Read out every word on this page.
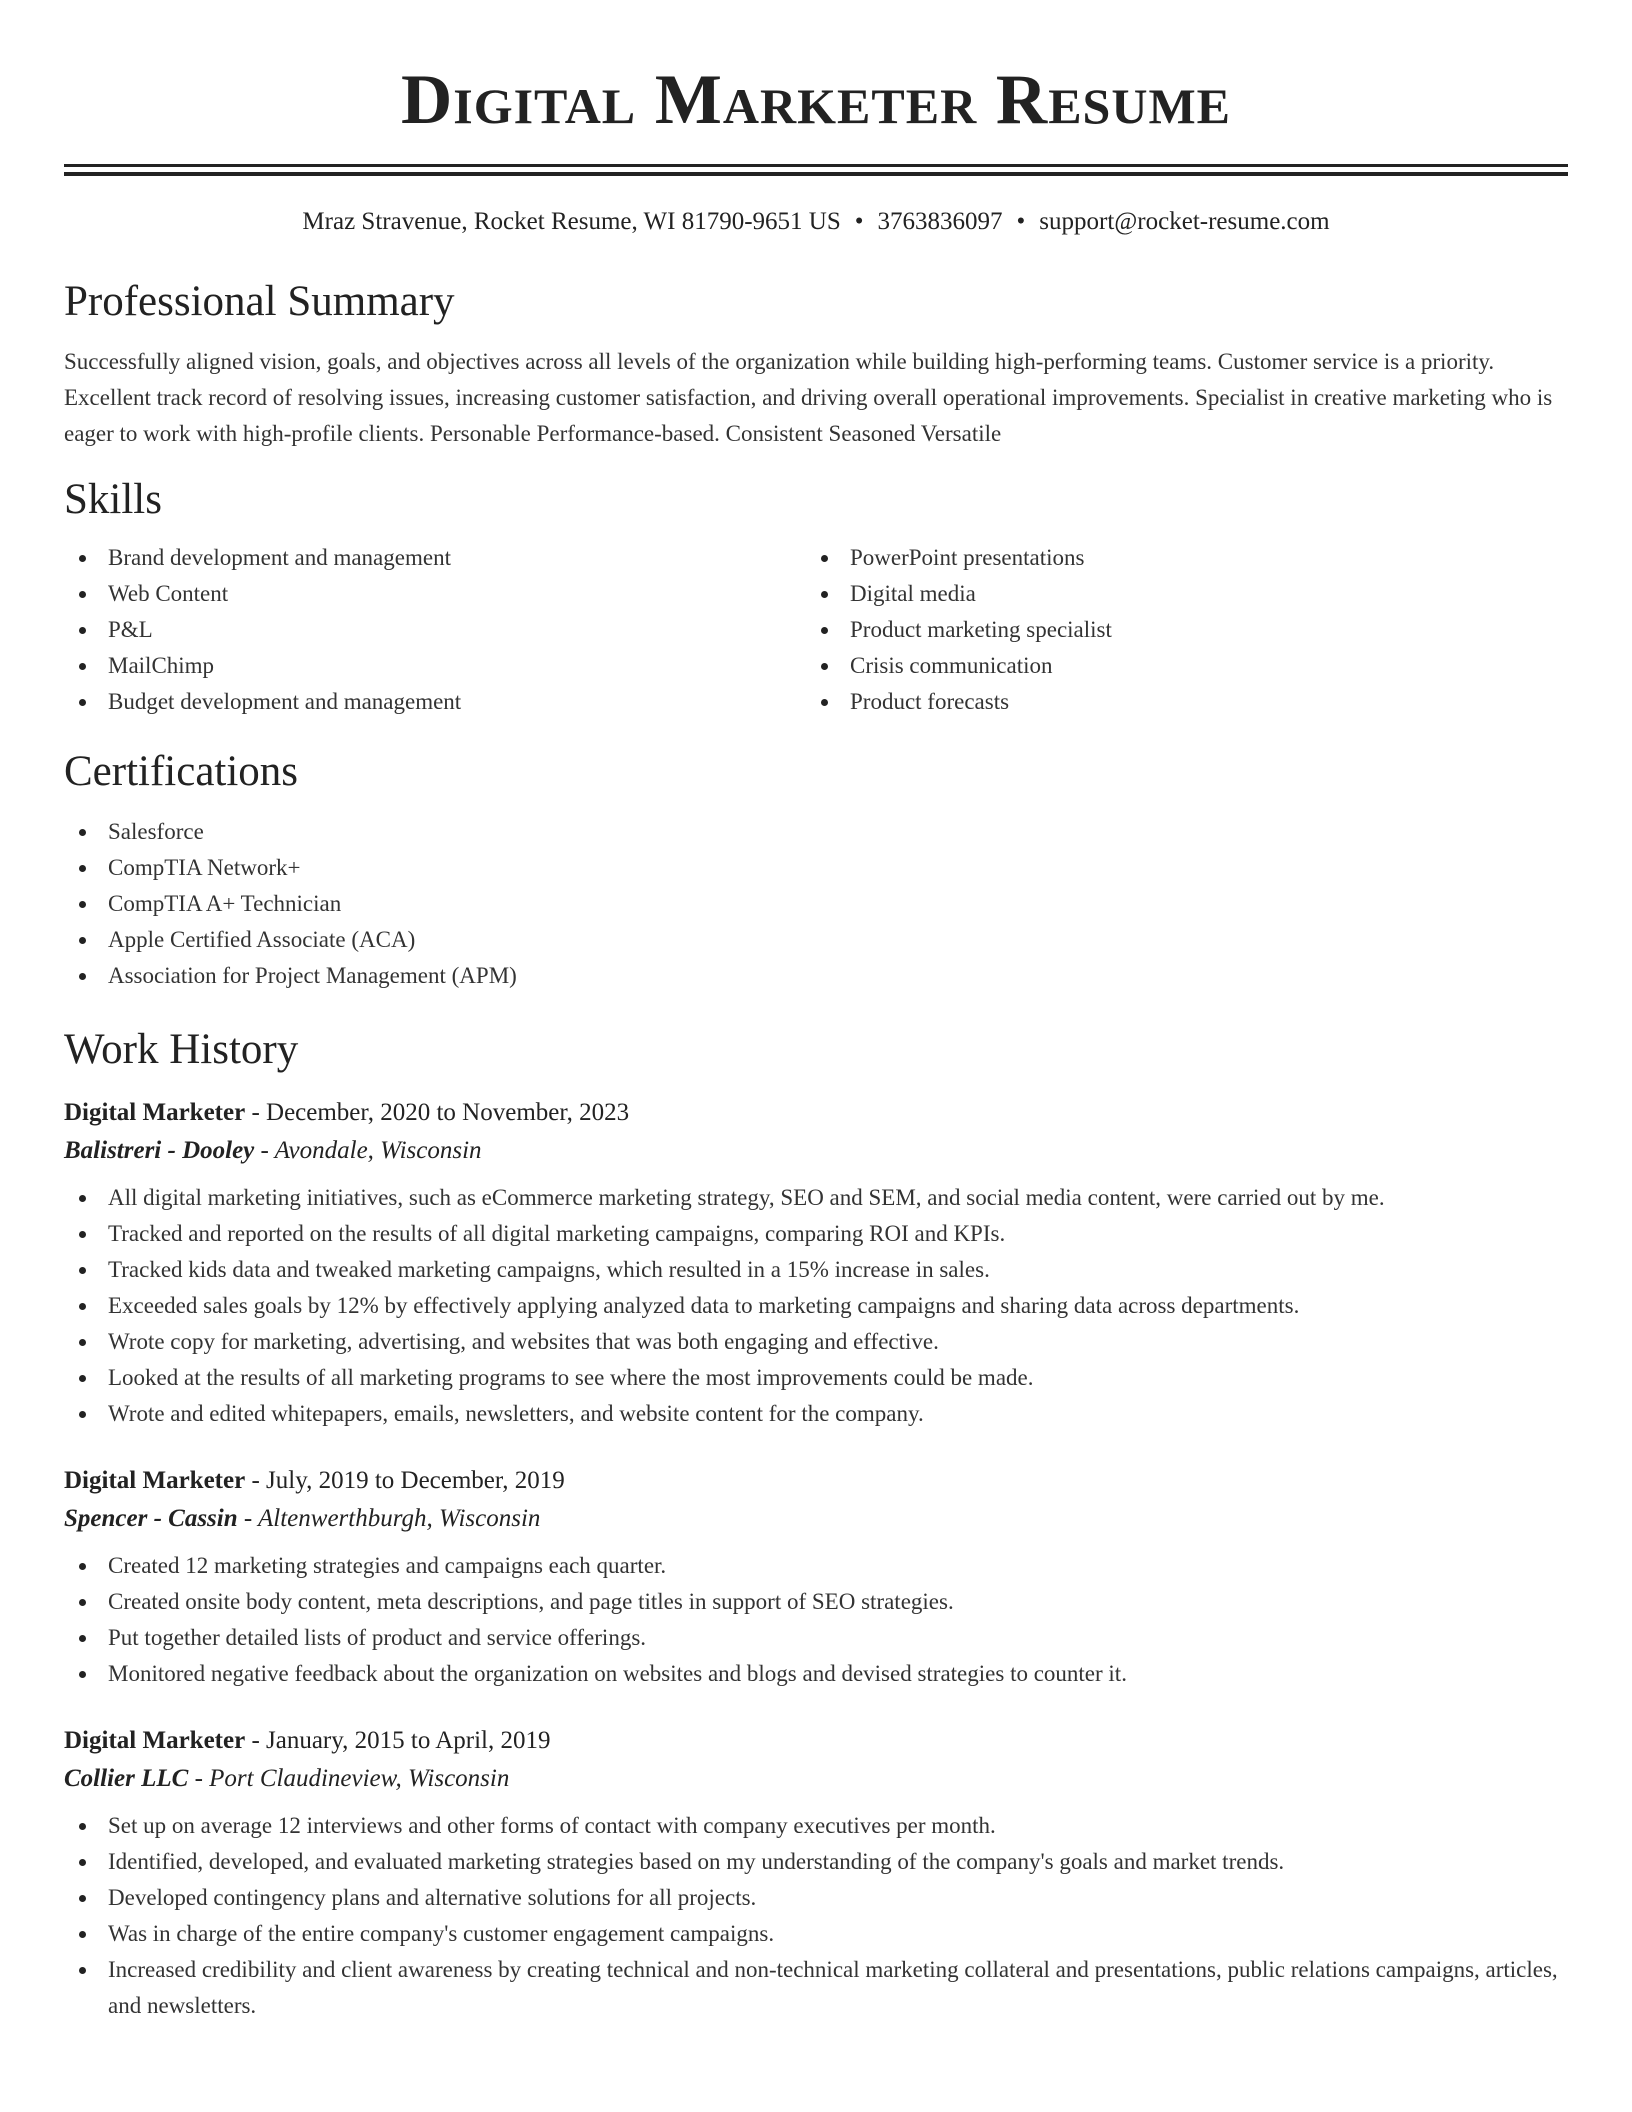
Digital Marketer Resume
Mraz Stravenue, Rocket Resume, WI 81790-9651 US • 3763836097 • support@rocket-resume.com
Professional Summary
Successfully aligned vision, goals, and objectives across all levels of the organization while building high-performing teams. Customer service is a priority. Excellent track record of resolving issues, increasing customer satisfaction, and driving overall operational improvements. Specialist in creative marketing who is eager to work with high-profile clients. Personable Performance-based. Consistent Seasoned Versatile
Skills
Brand development and management
Web Content
P&L
MailChimp
Budget development and management
PowerPoint presentations
Digital media
Product marketing specialist
Crisis communication
Product forecasts
Certifications
Salesforce
CompTIA Network+
CompTIA A+ Technician
Apple Certified Associate (ACA)
Association for Project Management (APM)
Work History
Digital Marketer - December, 2020 to November, 2023
Balistreri - Dooley - Avondale, Wisconsin
All digital marketing initiatives, such as eCommerce marketing strategy, SEO and SEM, and social media content, were carried out by me.
Tracked and reported on the results of all digital marketing campaigns, comparing ROI and KPIs.
Tracked kids data and tweaked marketing campaigns, which resulted in a 15% increase in sales.
Exceeded sales goals by 12% by effectively applying analyzed data to marketing campaigns and sharing data across departments.
Wrote copy for marketing, advertising, and websites that was both engaging and effective.
Looked at the results of all marketing programs to see where the most improvements could be made.
Wrote and edited whitepapers, emails, newsletters, and website content for the company.
Digital Marketer - July, 2019 to December, 2019
Spencer - Cassin - Altenwerthburgh, Wisconsin
Created 12 marketing strategies and campaigns each quarter.
Created onsite body content, meta descriptions, and page titles in support of SEO strategies.
Put together detailed lists of product and service offerings.
Monitored negative feedback about the organization on websites and blogs and devised strategies to counter it.
Digital Marketer - January, 2015 to April, 2019
Collier LLC - Port Claudineview, Wisconsin
Set up on average 12 interviews and other forms of contact with company executives per month.
Identified, developed, and evaluated marketing strategies based on my understanding of the company's goals and market trends.
Developed contingency plans and alternative solutions for all projects.
Was in charge of the entire company's customer engagement campaigns.
Increased credibility and client awareness by creating technical and non-technical marketing collateral and presentations, public relations campaigns, articles, and newsletters.
